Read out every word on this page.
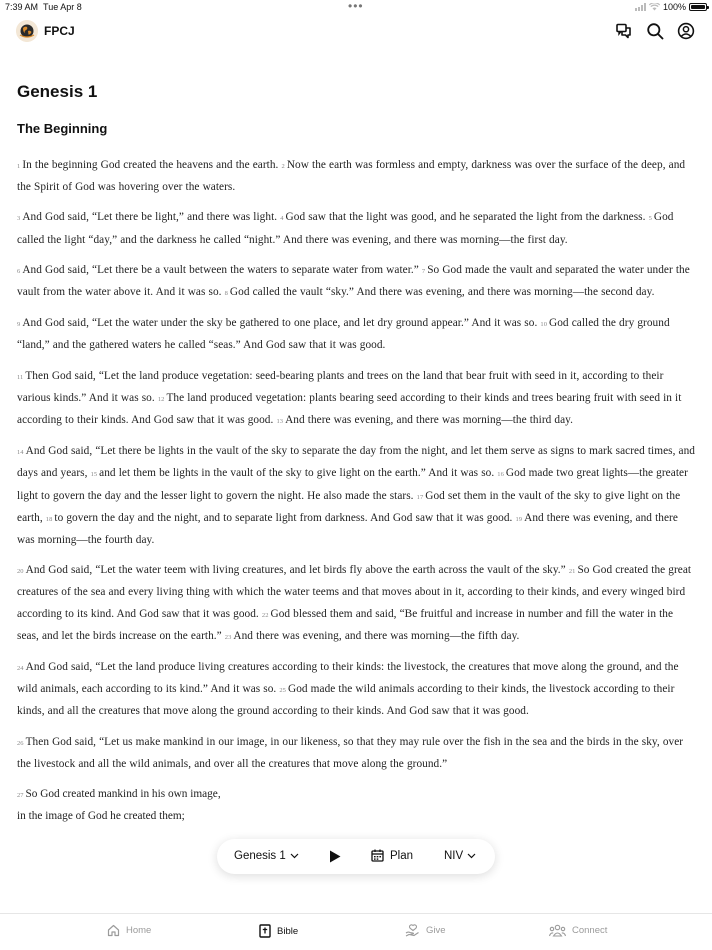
7:39 AM Tue Apr 8	•••	100%
FPCJ
Genesis 1
The Beginning

1 In the beginning God created the heavens and the earth. 2 Now the earth was formless and empty, darkness was over the surface of the deep, and the Spirit of God was hovering over the waters.

3 And God said, “Let there be light,” and there was light. 4 God saw that the light was good, and he separated the light from the darkness. 5 God called the light “day,” and the darkness he called “night.” And there was evening, and there was morning—the first day.

6 And God said, “Let there be a vault between the waters to separate water from water.” 7 So God made the vault and separated the water under the vault from the water above it. And it was so. 8 God called the vault “sky.” And there was evening, and there was morning—the second day.

9 And God said, “Let the water under the sky be gathered to one place, and let dry ground appear.” And it was so. 10 God called the dry ground “land,” and the gathered waters he called “seas.” And God saw that it was good.

11 Then God said, “Let the land produce vegetation: seed-bearing plants and trees on the land that bear fruit with seed in it, according to their various kinds.” And it was so. 12 The land produced vegetation: plants bearing seed according to their kinds and trees bearing fruit with seed in it according to their kinds. And God saw that it was good. 13 And there was evening, and there was morning—the third day.

14 And God said, “Let there be lights in the vault of the sky to separate the day from the night, and let them serve as signs to mark sacred times, and days and years, 15 and let them be lights in the vault of the sky to give light on the earth.” And it was so. 16 God made two great lights—the greater light to govern the day and the lesser light to govern the night. He also made the stars. 17 God set them in the vault of the sky to give light on the earth, 18 to govern the day and the night, and to separate light from darkness. And God saw that it was good. 19 And there was evening, and there was morning—the fourth day.

20 And God said, “Let the water teem with living creatures, and let birds fly above the earth across the vault of the sky.” 21 So God created the great creatures of the sea and every living thing with which the water teems and that moves about in it, according to their kinds, and every winged bird according to its kind. And God saw that it was good. 22 God blessed them and said, “Be fruitful and increase in number and fill the water in the seas, and let the birds increase on the earth.” 23 And there was evening, and there was morning—the fifth day.

24 And God said, “Let the land produce living creatures according to their kinds: the livestock, the creatures that move along the ground, and the wild animals, each according to its kind.” And it was so. 25 God made the wild animals according to their kinds, the livestock according to their kinds, and all the creatures that move along the ground according to their kinds. And God saw that it was good.

26 Then God said, “Let us make mankind in our image, in our likeness, so that they may rule over the fish in the sea and the birds in the sky, over the livestock and all the wild animals, and over all the creatures that move along the ground.”

27 So God created mankind in his own image,
in the image of God he created them;
Genesis 1	Plan	NIV
Home	Bible	Give	Connect
